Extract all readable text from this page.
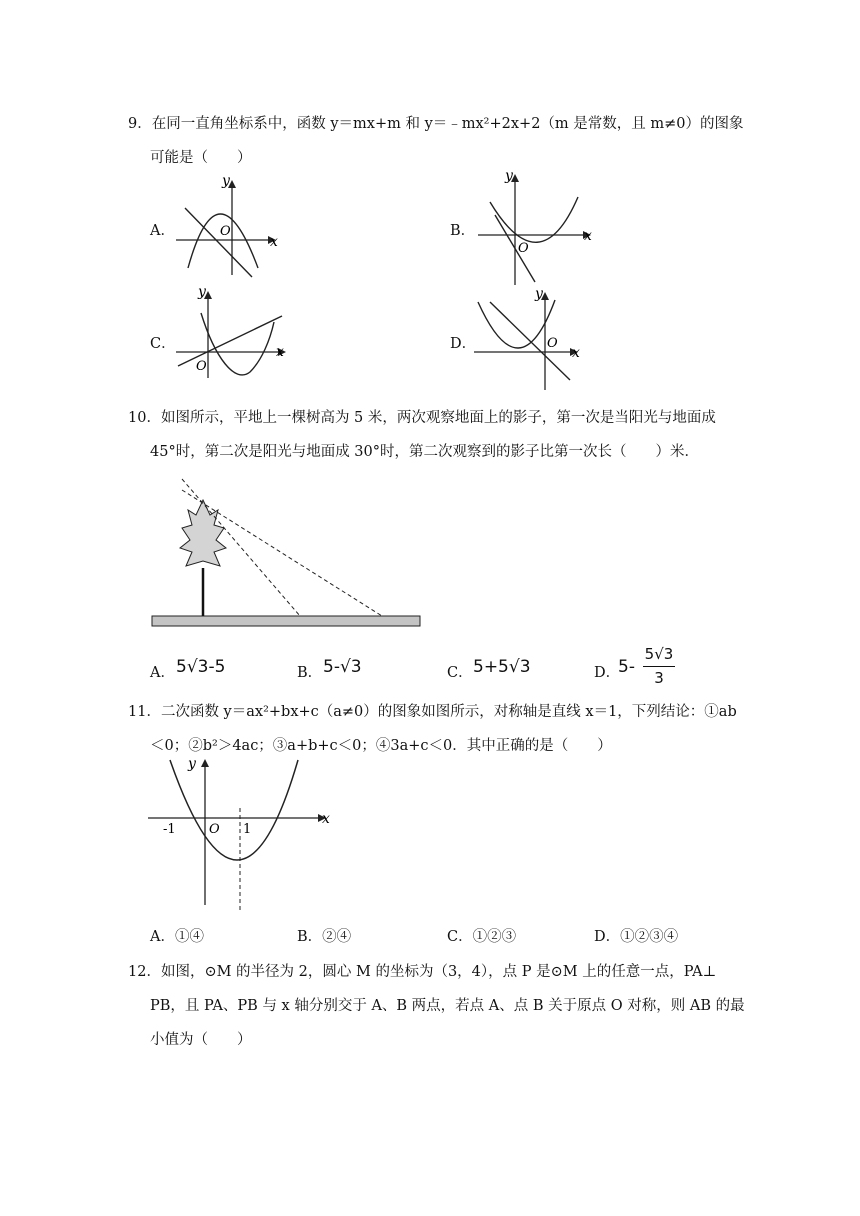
9．在同一直角坐标系中，函数 y＝mx+m 和 y＝﹣mx²+2x+2（m 是常数，且 m≠0）的图象
可能是（　　）
A．
y
x
O	B．
y
x
O
C．
y
x
O
D．
y
x
O
10．如图所示，平地上一棵树高为 5 米，两次观察地面上的影子，第一次是当阳光与地面成
45°时，第二次是阳光与地面成 30°时，第二次观察到的影子比第一次长（　　）米．
A． 5√3-5	B． 5-√3	C． 5+5√3	D．
5-
5√3
3
11．二次函数 y＝ax²+bx+c（a≠0）的图象如图所示，对称轴是直线 x＝1，下列结论：①ab
＜0；②b²＞4ac；③a+b+c＜0；④3a+c＜0．其中正确的是（　　）
y
x
O
-1	1
A．①④	B．②④	C．①②③	D．①②③④
12．如图，⊙M 的半径为 2，圆心 M 的坐标为（3，4），点 P 是⊙M 上的任意一点，PA⊥
PB，且 PA、PB 与 x 轴分别交于 A、B 两点，若点 A、点 B 关于原点 O 对称，则 AB 的最
小值为（　　）
